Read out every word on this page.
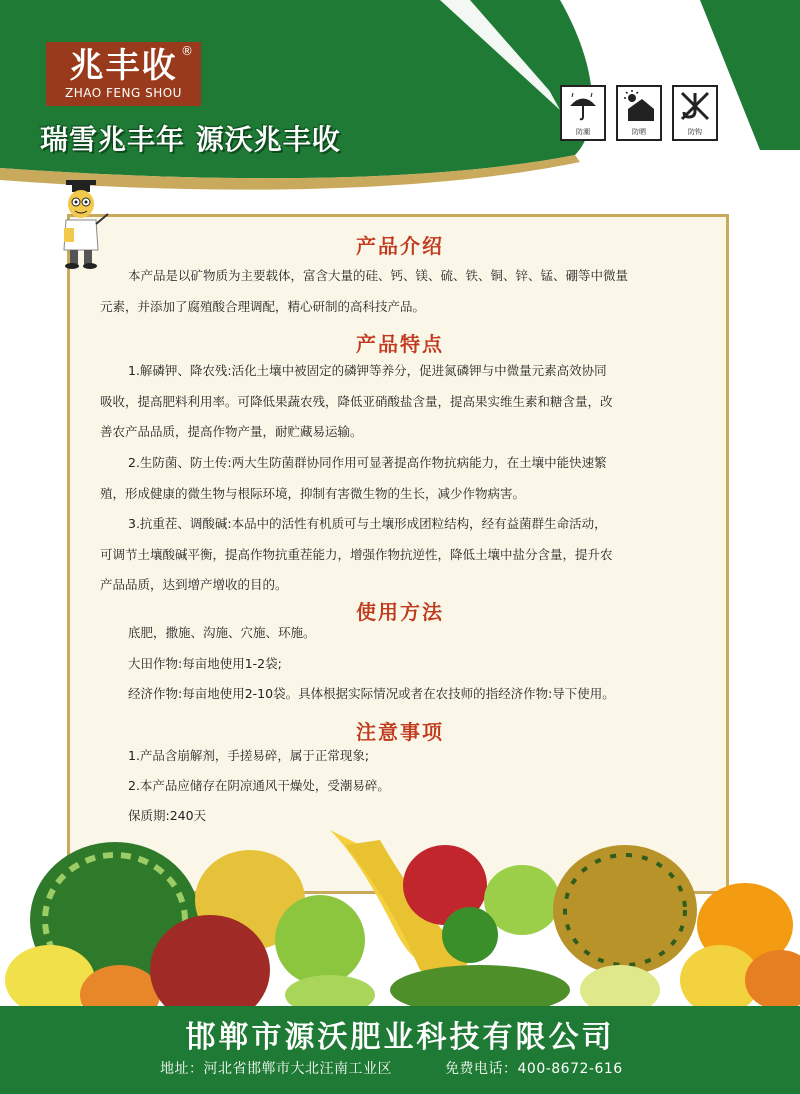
兆丰收 ®
ZHAO FENG SHOU
瑞雪兆丰年 源沃兆丰收	防潮	防晒	防钩
产品介绍
本产品是以矿物质为主要载体，富含大量的硅、钙、镁、硫、铁、铜、锌、锰、硼等中微量
元素，并添加了腐殖酸合理调配，精心研制的高科技产品。
产品特点
1.解磷钾、降农残:活化土壤中被固定的磷钾等养分，促进氮磷钾与中微量元素高效协同
吸收，提高肥料利用率。可降低果蔬农残，降低亚硝酸盐含量，提高果实维生素和糖含量，改
善农产品品质，提高作物产量，耐贮藏易运输。
2.生防菌、防土传:两大生防菌群协同作用可显著提高作物抗病能力，在土壤中能快速繁
殖，形成健康的微生物与根际环境，抑制有害微生物的生长，减少作物病害。
3.抗重茬、调酸碱:本品中的活性有机质可与土壤形成团粒结构，经有益菌群生命活动，
可调节土壤酸碱平衡，提高作物抗重茬能力，增强作物抗逆性，降低土壤中盐分含量，提升农
产品品质，达到增产增收的目的。
使用方法
底肥，撒施、沟施、穴施、环施。
大田作物:每亩地使用1-2袋;
经济作物:每亩地使用2-10袋。具体根据实际情况或者在农技师的指经济作物:导下使用。
注意事项
1.产品含崩解剂，手搓易碎，属于正常现象;
2.本产品应储存在阴凉通风干燥处，受潮易碎。
保质期:240天
邯郸市源沃肥业科技有限公司
地址：河北省邯郸市大北汪南工业区	免费电话：400-8672-616
